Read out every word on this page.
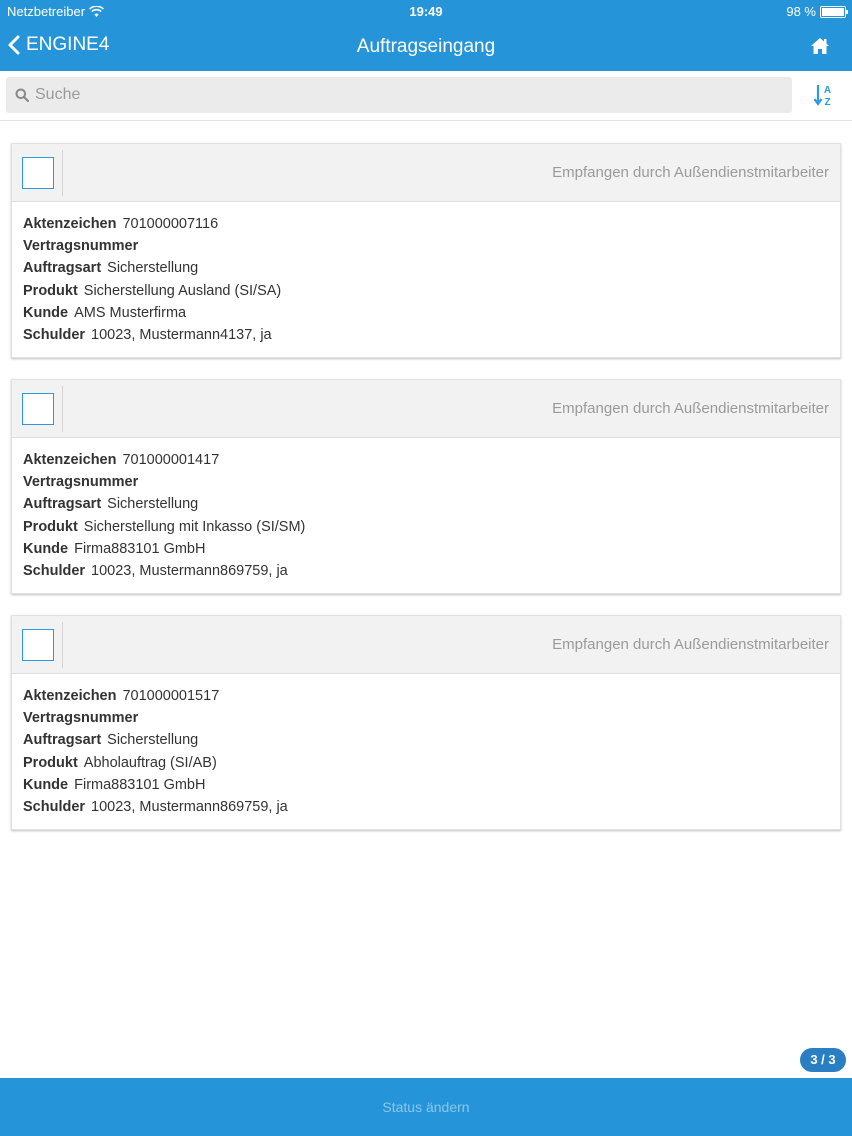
Netzbetreiber	19:49	98 %
ENGINE4	Auftragseingang
Suche
A
Z
Empfangen durch Außendienstmitarbeiter
Aktenzeichen 701000007116
Vertragsnummer
Auftragsart Sicherstellung
Produkt Sicherstellung Ausland (SI/SA)
Kunde AMS Musterfirma
Schulder 10023, Mustermann4137, ja
Empfangen durch Außendienstmitarbeiter
Aktenzeichen 701000001417
Vertragsnummer
Auftragsart Sicherstellung
Produkt Sicherstellung mit Inkasso (SI/SM)
Kunde Firma883101 GmbH
Schulder 10023, Mustermann869759, ja
Empfangen durch Außendienstmitarbeiter
Aktenzeichen 701000001517
Vertragsnummer
Auftragsart Sicherstellung
Produkt Abholauftrag (SI/AB)
Kunde Firma883101 GmbH
Schulder 10023, Mustermann869759, ja
3 / 3
Status ändern
